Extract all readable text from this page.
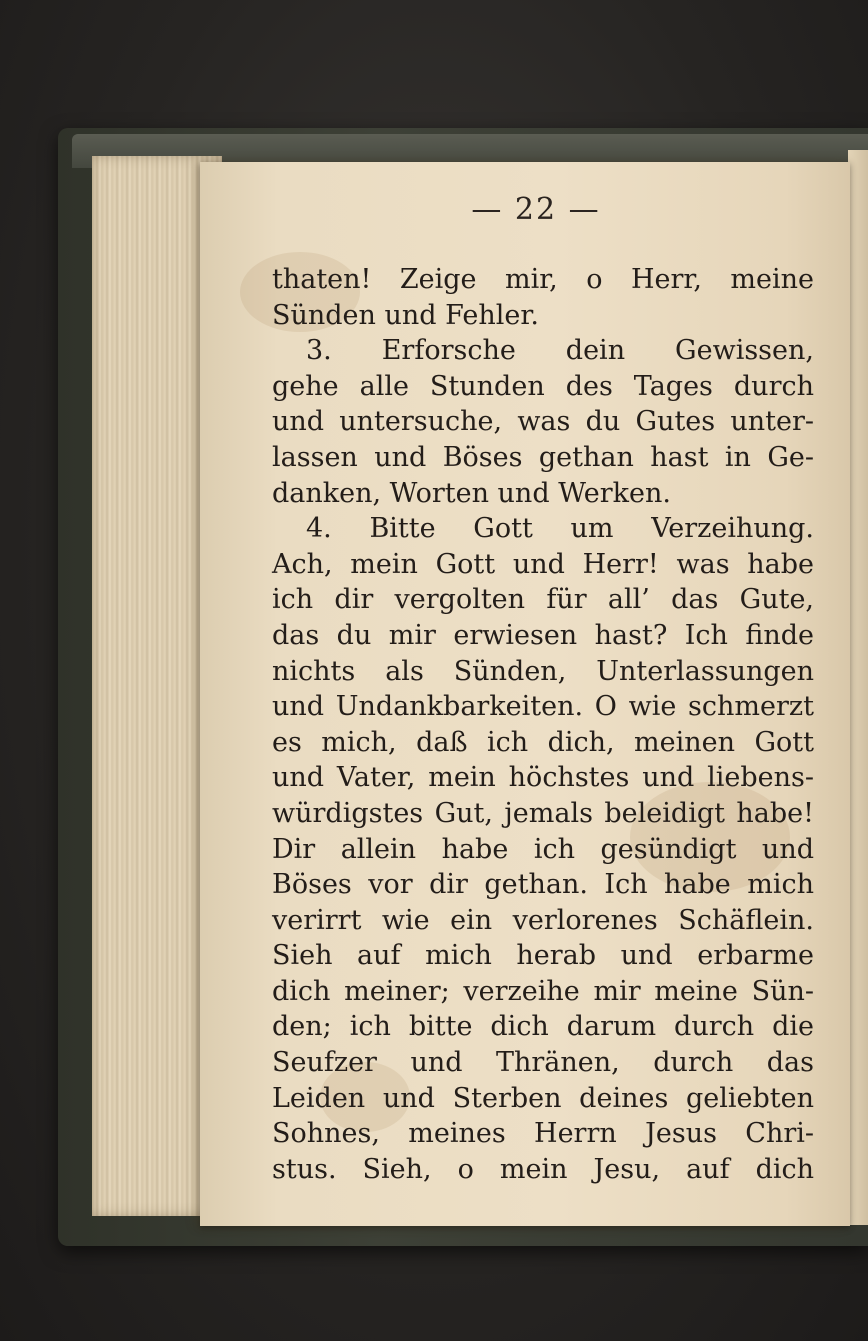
— 22 —
thaten! Zeige mir, o Herr, meine
Sünden und Fehler.
3. Erforsche dein Gewissen,
gehe alle Stunden des Tages durch
und untersuche, was du Gutes unter-
lassen und Böses gethan hast in Ge-
danken, Worten und Werken.
4. Bitte Gott um Verzeihung.
Ach, mein Gott und Herr! was habe
ich dir vergolten für all’ das Gute,
das du mir erwiesen hast? Ich finde
nichts als Sünden, Unterlassungen
und Undankbarkeiten. O wie schmerzt
es mich, daß ich dich, meinen Gott
und Vater, mein höchstes und liebens-
würdigstes Gut, jemals beleidigt habe!
Dir allein habe ich gesündigt und
Böses vor dir gethan. Ich habe mich
verirrt wie ein verlorenes Schäflein.
Sieh auf mich herab und erbarme
dich meiner; verzeihe mir meine Sün-
den; ich bitte dich darum durch die
Seufzer und Thränen, durch das
Leiden und Sterben deines geliebten
Sohnes, meines Herrn Jesus Chri-
stus. Sieh, o mein Jesu, auf dich
